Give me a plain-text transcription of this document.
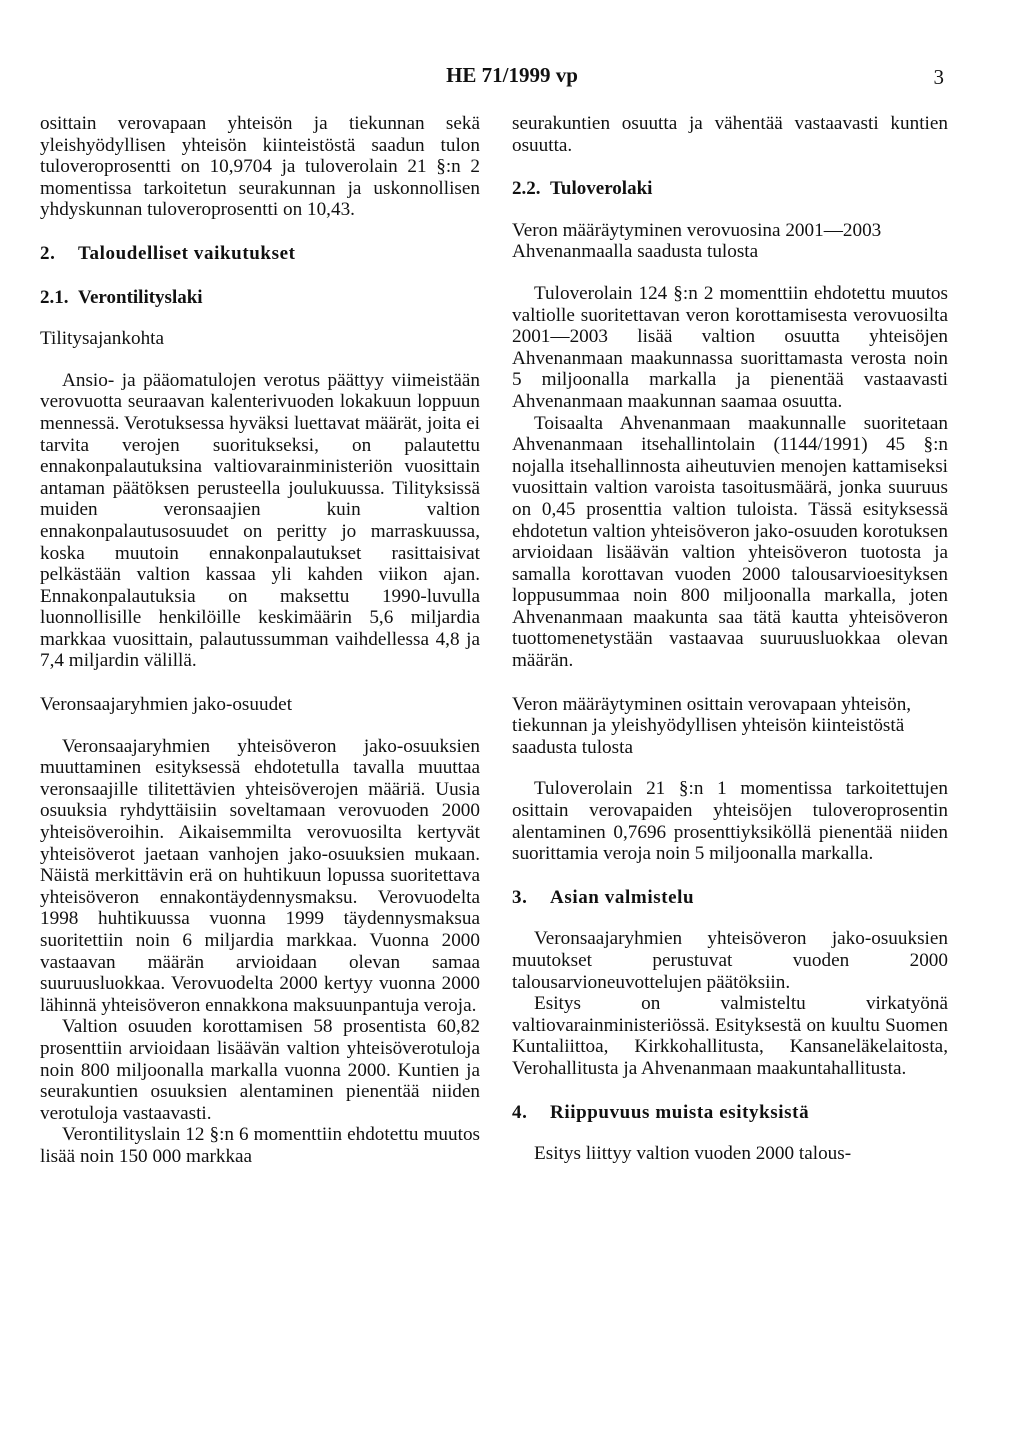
HE 71/1999 vp	3

osittain verovapaan yhteisön ja tiekunnan sekä yleishyödyllisen yhteisön kiinteistöstä saadun tulon tuloveroprosentti on 10,9704 ja tuloverolain 21 §:n 2 momentissa tarkoitetun seurakunnan ja uskonnollisen yhdyskunnan tuloveroprosentti on 10,43.

2. Taloudelliset vaikutukset
2.1. Verontilityslaki
Tilitysajankohta

Ansio- ja pääomatulojen verotus päättyy viimeistään verovuotta seuraavan kalenterivuoden lokakuun loppuun mennessä. Verotuksessa hyväksi luettavat määrät, joita ei tarvita verojen suoritukseksi, on palautettu ennakonpalautuksina valtiovarainministeriön vuosittain antaman päätöksen perusteella joulukuussa. Tilityksissä muiden veronsaajien kuin valtion ennakonpalautusosuudet on peritty jo marraskuussa, koska muutoin ennakonpalautukset rasittaisivat pelkästään valtion kassaa yli kahden viikon ajan. Ennakonpalautuksia on maksettu 1990-luvulla luonnollisille henkilöille keskimäärin 5,6 miljardia markkaa vuosittain, palautussumman vaihdellessa 4,8 ja 7,4 miljardin välillä.

Veronsaajaryhmien jako-osuudet

Veronsaajaryhmien yhteisöveron jako-osuuksien muuttaminen esityksessä ehdotetulla tavalla muuttaa veronsaajille tilitettävien yhteisöverojen määriä. Uusia osuuksia ryhdyttäisiin soveltamaan verovuoden 2000 yhteisöveroihin. Aikaisemmilta verovuosilta kertyvät yhteisöverot jaetaan vanhojen jako-osuuksien mukaan. Näistä merkittävin erä on huhtikuun lopussa suoritettava yhteisöveron ennakontäydennysmaksu. Verovuodelta 1998 huhtikuussa vuonna 1999 täydennysmaksua suoritettiin noin 6 miljardia markkaa. Vuonna 2000 vastaavan määrän arvioidaan olevan samaa suuruusluokkaa. Verovuodelta 2000 kertyy vuonna 2000 lähinnä yhteisöveron ennakkona maksuunpantuja veroja.

Valtion osuuden korottamisen 58 prosentista 60,82 prosenttiin arvioidaan lisäävän valtion yhteisöverotuloja noin 800 miljoonalla markalla vuonna 2000. Kuntien ja seurakuntien osuuksien alentaminen pienentää niiden verotuloja vastaavasti.

Verontilityslain 12 §:n 6 momenttiin ehdotettu muutos lisää noin 150 000 markkaa

seurakuntien osuutta ja vähentää vastaavasti kuntien osuutta.

2.2. Tuloverolaki
Veron määräytyminen verovuosina 2001—2003 Ahvenanmaalla saadusta tulosta

Tuloverolain 124 §:n 2 momenttiin ehdotettu muutos valtiolle suoritettavan veron korottamisesta verovuosilta 2001—2003 lisää valtion osuutta yhteisöjen Ahvenanmaan maakunnassa suorittamasta verosta noin 5 miljoonalla markalla ja pienentää vastaavasti Ahvenanmaan maakunnan saamaa osuutta.

Toisaalta Ahvenanmaan maakunnalle suoritetaan Ahvenanmaan itsehallintolain (1144/1991) 45 §:n nojalla itsehallinnosta aiheutuvien menojen kattamiseksi vuosittain valtion varoista tasoitusmäärä, jonka suuruus on 0,45 prosenttia valtion tuloista. Tässä esityksessä ehdotetun valtion yhteisöveron jako-osuuden korotuksen arvioidaan lisäävän valtion yhteisöveron tuotosta ja samalla korottavan vuoden 2000 talousarvioesityksen loppusummaa noin 800 miljoonalla markalla, joten Ahvenanmaan maakunta saa tätä kautta yhteisöveron tuottomenetystään vastaavaa suuruusluokkaa olevan määrän.

Veron määräytyminen osittain verovapaan yhteisön, tiekunnan ja yleishyödyllisen yhteisön kiinteistöstä saadusta tulosta

Tuloverolain 21 §:n 1 momentissa tarkoitettujen osittain verovapaiden yhteisöjen tuloveroprosentin alentaminen 0,7696 prosenttiyksiköllä pienentää niiden suorittamia veroja noin 5 miljoonalla markalla.

3. Asian valmistelu

Veronsaajaryhmien yhteisöveron jako-osuuksien muutokset perustuvat vuoden 2000 talousarvioneuvottelujen päätöksiin.

Esitys on valmisteltu virkatyönä valtiovarainministeriössä. Esityksestä on kuultu Suomen Kuntaliittoa, Kirkkohallitusta, Kansaneläkelaitosta, Verohallitusta ja Ahvenanmaan maakuntahallitusta.

4. Riippuvuus muista esityksistä

Esitys liittyy valtion vuoden 2000 talous-
